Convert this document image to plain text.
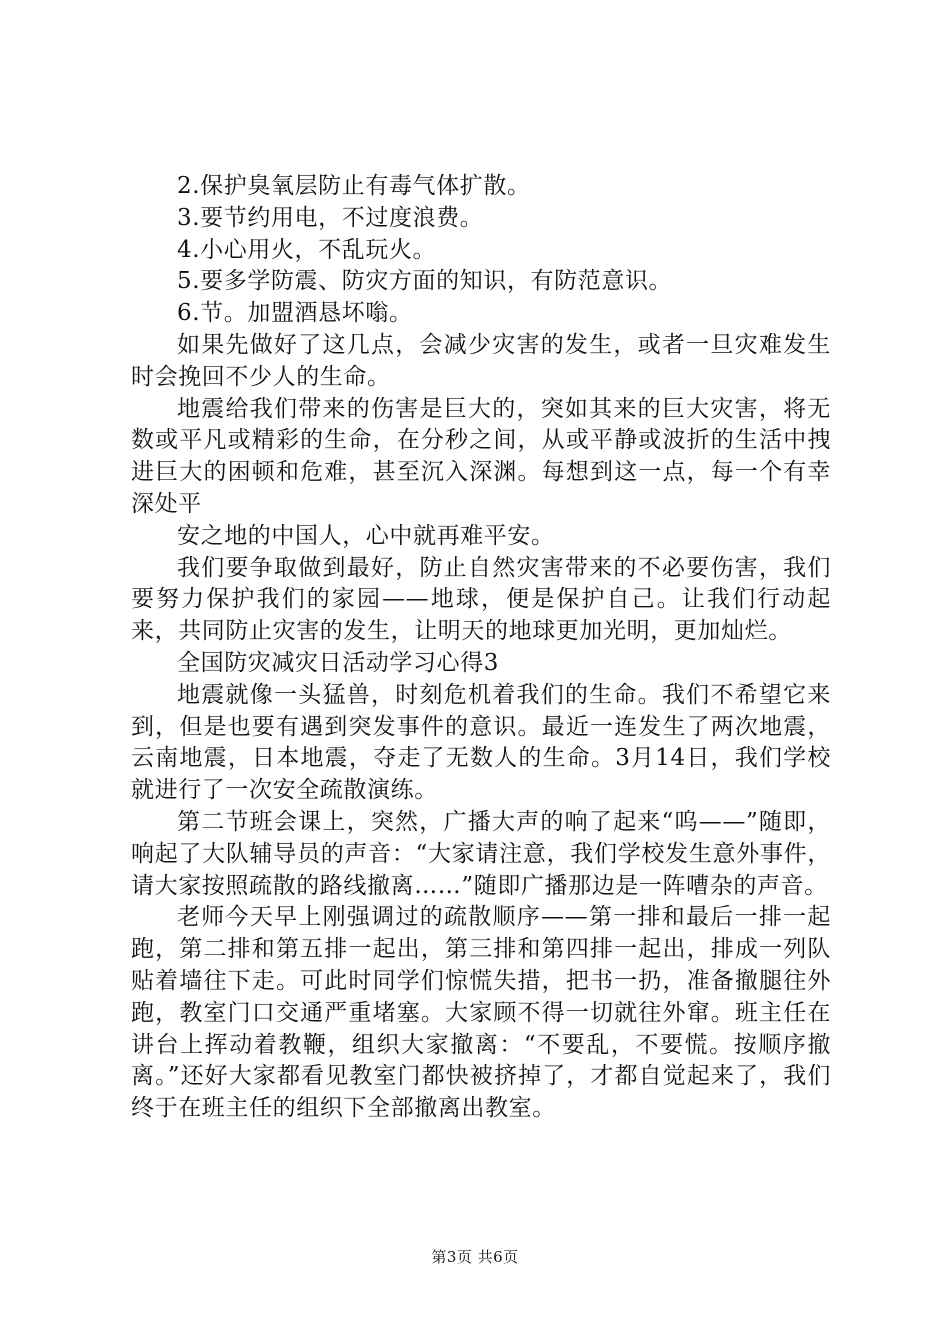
2.保护臭氧层防止有毒气体扩散。

3.要节约用电，不过度浪费。

4.小心用火，不乱玩火。

5.要多学防震、防灾方面的知识，有防范意识。

6.节。加盟酒恳坏嗡。

如果先做好了这几点，会减少灾害的发生，或者一旦灾难发生时会挽回不少人的生命。

地震给我们带来的伤害是巨大的，突如其来的巨大灾害，将无数或平凡或精彩的生命，在分秒之间，从或平静或波折的生活中拽进巨大的困顿和危难，甚至沉入深渊。每想到这一点，每一个有幸深处平

安之地的中国人，心中就再难平安。

我们要争取做到最好，防止自然灾害带来的不必要伤害，我们要努力保护我们的家园——地球，便是保护自己。让我们行动起来，共同防止灾害的发生，让明天的地球更加光明，更加灿烂。

全国防灾减灾日活动学习心得3

地震就像一头猛兽，时刻危机着我们的生命。我们不希望它来到，但是也要有遇到突发事件的意识。最近一连发生了两次地震，云南地震，日本地震，夺走了无数人的生命。3月14日，我们学校就进行了一次安全疏散演练。

第二节班会课上，突然，广播大声的响了起来“呜——”随即，响起了大队辅导员的声音：“大家请注意，我们学校发生意外事件，请大家按照疏散的路线撤离……”随即广播那边是一阵嘈杂的声音。

老师今天早上刚强调过的疏散顺序——第一排和最后一排一起跑，第二排和第五排一起出，第三排和第四排一起出，排成一列队贴着墙往下走。可此时同学们惊慌失措，把书一扔，准备撤腿往外跑，教室门口交通严重堵塞。大家顾不得一切就往外窜。班主任在讲台上挥动着教鞭，组织大家撤离：“不要乱，不要慌。按顺序撤离。”还好大家都看见教室门都快被挤掉了，才都自觉起来了，我们终于在班主任的组织下全部撤离出教室。

第3页 共6页
